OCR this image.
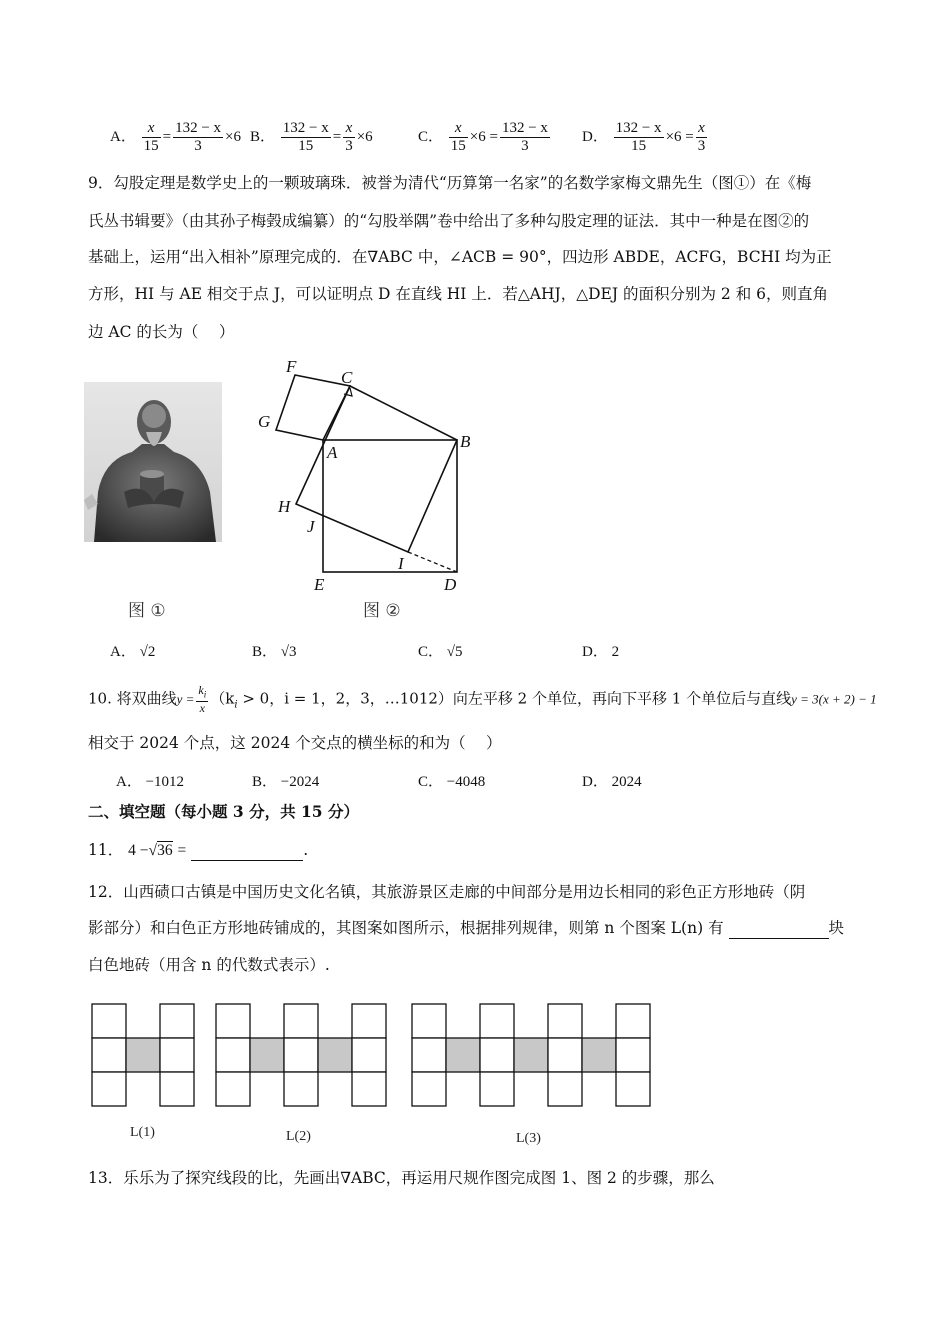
A． $\frac{x}{15} = \frac{132 - x}{3} \times 6$ B． $\frac{132 - x}{15} = \frac{x}{3} \times 6$	C． $\frac{x}{15} \times 6 = \frac{132 - x}{3}$ D． $\frac{132 - x}{15} \times 6 = \frac{x}{3}$
9．勾股定理是数学史上的一颗玻璃珠．被誉为清代“历算第一名家”的名数学家梅文鼎先生（图①）在《梅
氏丛书辑要》（由其孙子梅瑴成编纂）的“勾股举隅”卷中给出了多种勾股定理的证法．其中一种是在图②的
基础上，运用“出入相补”原理完成的．在∇ABC 中，∠ACB = 90°，四边形 ABDE，ACFG，BCHI 均为正
方形，HI 与 AE 相交于点 J，可以证明点 D 在直线 HI 上．若△AHJ，△DEJ 的面积分别为 2 和 6，则直角
边 AC 的长为（　 ）
图 ①
F
C
G
A
B
H
J
I
E	D
图 ②
A． √2	B． √3	C． √5	D． 2
10. 将双曲线$y = \frac{k_i}{x} (k_i > 0$，i = 1，2，3，…1012）向左平移 2 个单位，再向下平移 1 个单位后与直线y = 3(x + 2) − 1
相交于 2024 个点，这 2024 个交点的横坐标的和为（　 ）
A． −1012	B． −2024	C． −4048	D． 2024
二、填空题（每小题 3 分，共 15 分）
11． 4 −√36 =	.
12．山西碛口古镇是中国历史文化名镇，其旅游景区走廊的中间部分是用边长相同的彩色正方形地砖（阴
影部分）和白色正方形地砖铺成的，其图案如图所示，根据排列规律，则第 n 个图案 L(n) 有	块
白色地砖（用含 n 的代数式表示）.
L(1)	L(2)	L(3)
13．乐乐为了探究线段的比，先画出∇ABC，再运用尺规作图完成图 1、图 2 的步骤，那么
